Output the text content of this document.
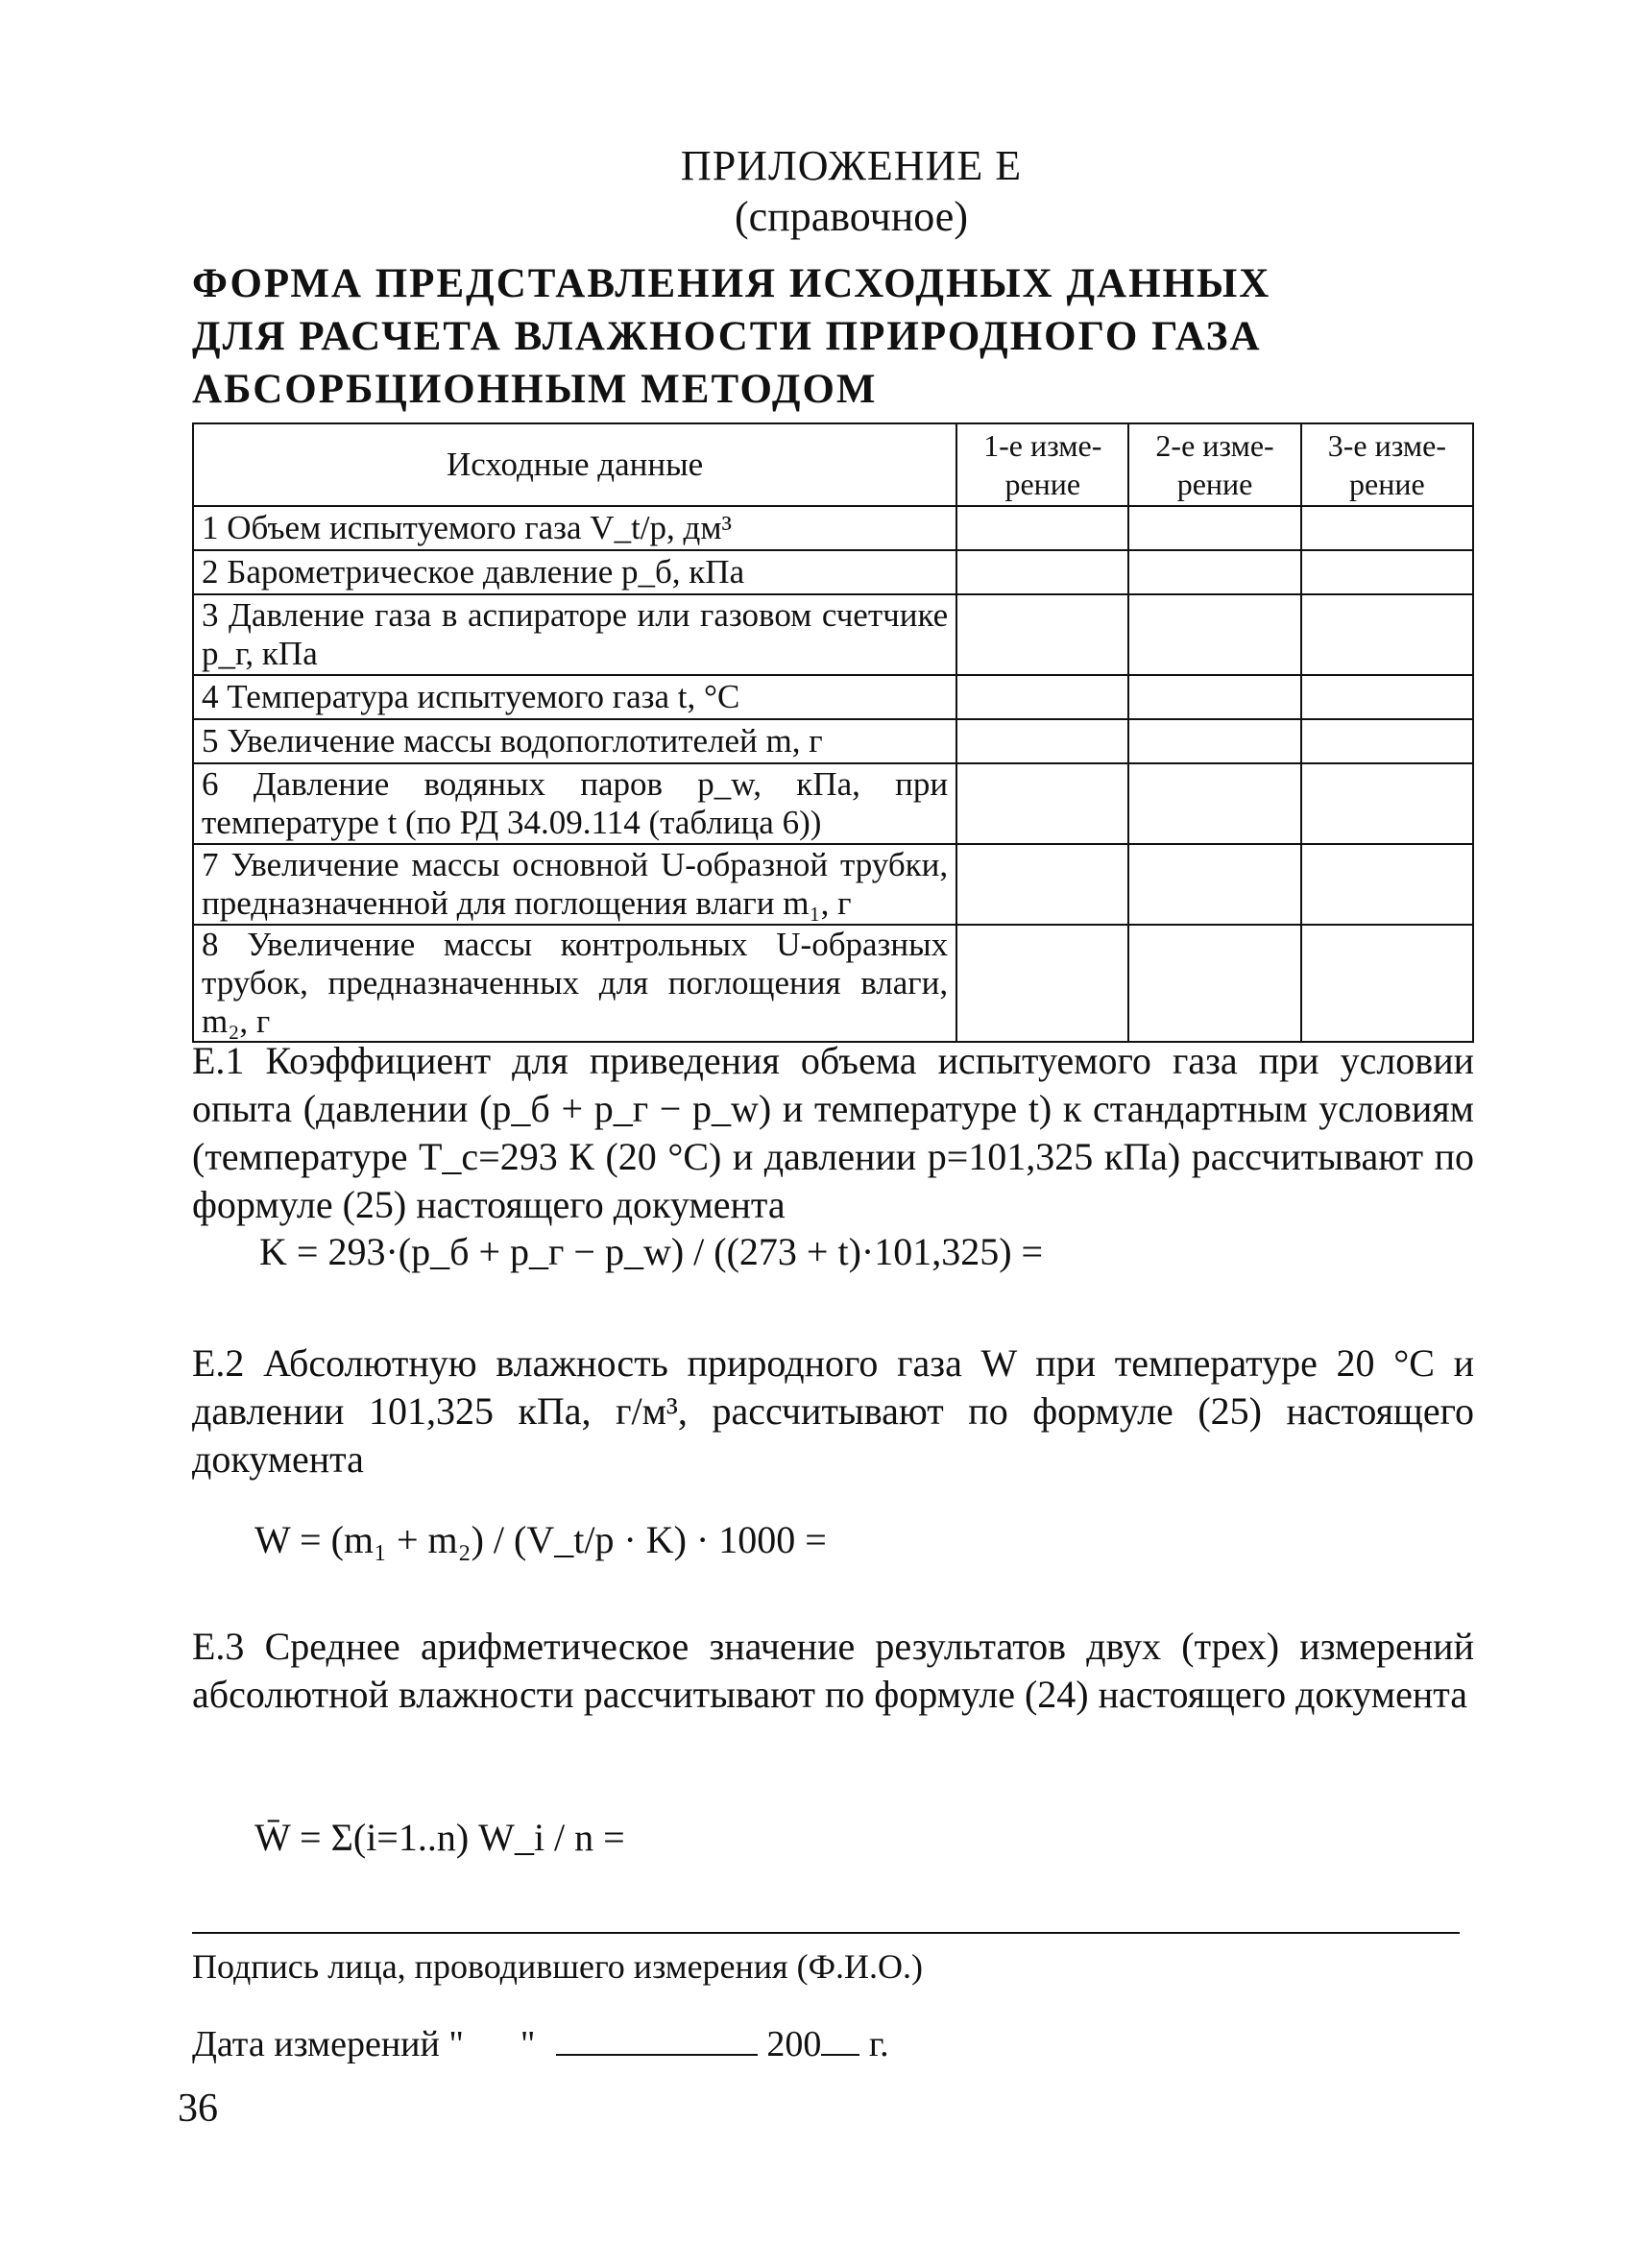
ПРИЛОЖЕНИЕ Е
(справочное)
ФОРМА ПРЕДСТАВЛЕНИЯ ИСХОДНЫХ ДАННЫХ
ДЛЯ РАСЧЕТА ВЛАЖНОСТИ ПРИРОДНОГО ГАЗА
АБСОРБЦИОННЫМ МЕТОДОМ
Исходные данные	1-е изме-рение	2-е изме-рение	3-е изме-рение
1 Объем испытуемого газа V_t/p, дм³			
2 Барометрическое давление p_б, кПа			
3 Давление газа в аспираторе или газовом счетчике p_г, кПа			
4 Температура испытуемого газа t, °С			
5 Увеличение массы водопоглотителей m, г			
6 Давление водяных паров p_w, кПа, при температуре t (по РД 34.09.114 (таблица 6))			
7 Увеличение массы основной U-образной трубки, предназначенной для поглощения влаги m₁, г			
8 Увеличение массы контрольных U-образных трубок, предназначенных для поглощения влаги, m₂, г			
Е.1 Коэффициент для приведения объема испытуемого газа при условии опыта (давлении (p_б + p_г − p_w) и температуре t) к стандартным условиям (температуре T_c=293 К (20 °С) и давлении p=101,325 кПа) рассчитывают по формуле (25) настоящего документа
K = 293·(p_б + p_г − p_w) / ((273 + t)·101,325) =
Е.2 Абсолютную влажность природного газа W при температуре 20 °С и давлении 101,325 кПа, г/м³, рассчитывают по формуле (25) настоящего документа
W = (m₁ + m₂) / (V_t/p · K) · 1000 =
Е.3 Среднее арифметическое значение результатов двух (трех) измерений абсолютной влажности рассчитывают по формуле (24) настоящего документа
W̄ = Σ(i=1..n) W_i / n =
Подпись лица, проводившего измерения (Ф.И.О.)
Дата измерений " "	200 г.
36
